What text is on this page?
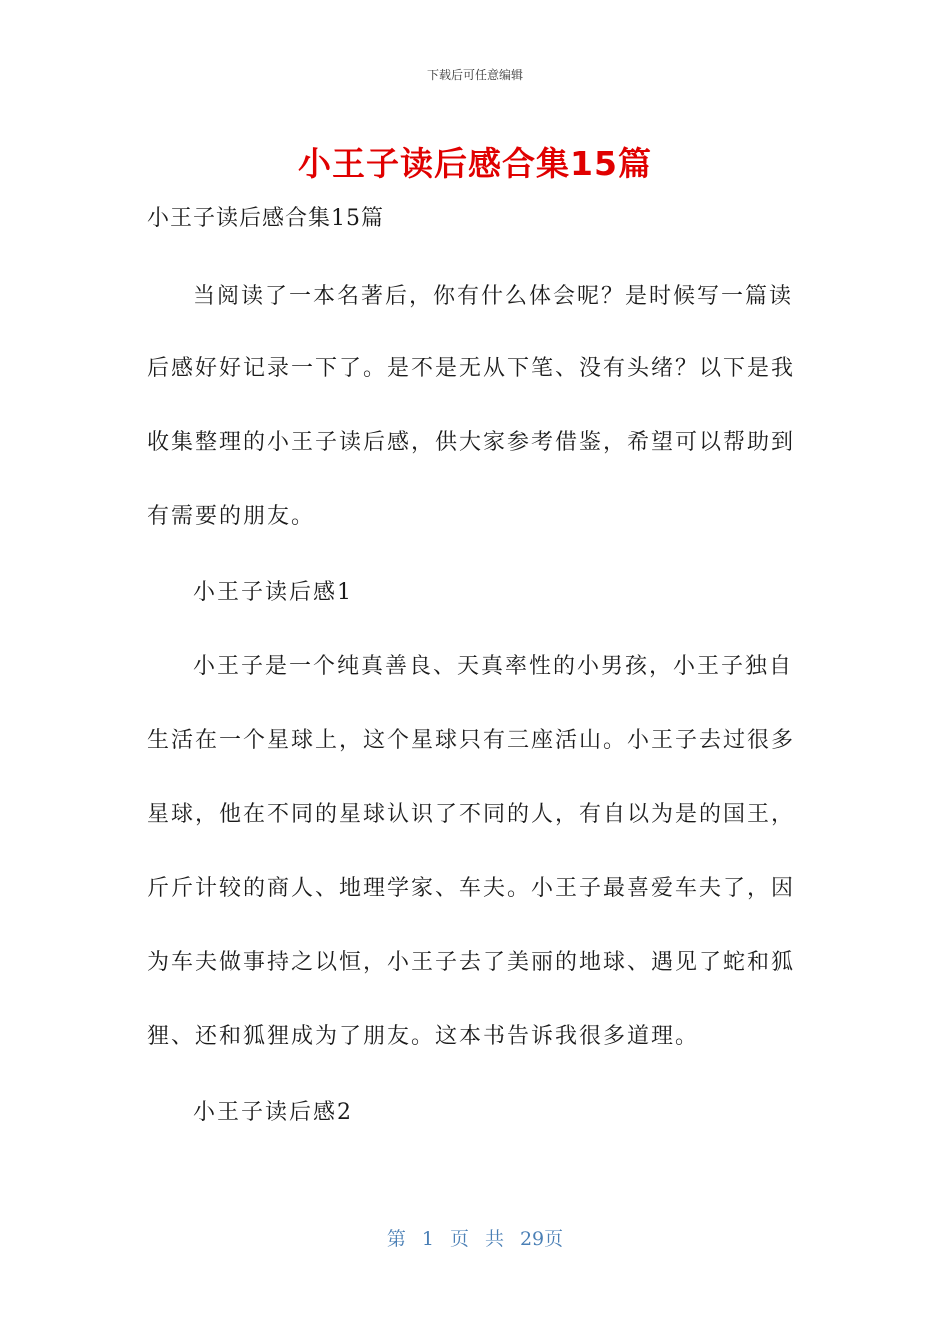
下载后可任意编辑
小王子读后感合集15篇
小王子读后感合集15篇
当阅读了一本名著后，你有什么体会呢？是时候写一篇读
后感好好记录一下了。是不是无从下笔、没有头绪？以下是我
收集整理的小王子读后感，供大家参考借鉴，希望可以帮助到
有需要的朋友。
小王子读后感1
小王子是一个纯真善良、天真率性的小男孩，小王子独自
生活在一个星球上，这个星球只有三座活山。小王子去过很多
星球，他在不同的星球认识了不同的人，有自以为是的国王，
斤斤计较的商人、地理学家、车夫。小王子最喜爱车夫了，因
为车夫做事持之以恒，小王子去了美丽的地球、遇见了蛇和狐
狸、还和狐狸成为了朋友。这本书告诉我很多道理。
小王子读后感2
第 1 页 共 29页
